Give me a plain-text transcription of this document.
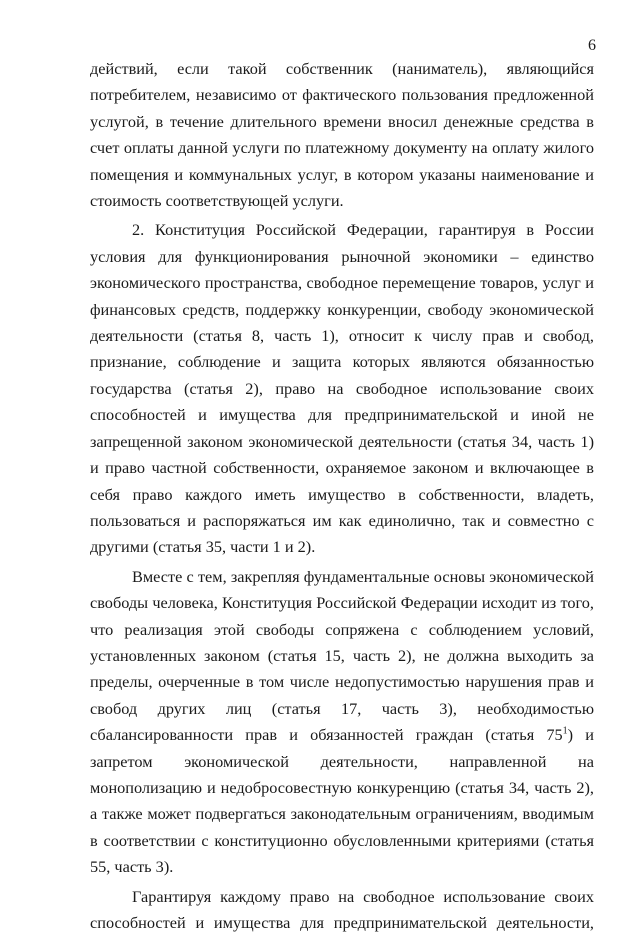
6

действий, если такой собственник (наниматель), являющийся потребителем, независимо от фактического пользования предложенной услугой, в течение длительного времени вносил денежные средства в счет оплаты данной услуги по платежному документу на оплату жилого помещения и коммунальных услуг, в котором указаны наименование и стоимость соответствующей услуги.

2. Конституция Российской Федерации, гарантируя в России условия для функционирования рыночной экономики – единство экономического пространства, свободное перемещение товаров, услуг и финансовых средств, поддержку конкуренции, свободу экономической деятельности (статья 8, часть 1), относит к числу прав и свобод, признание, соблюдение и защита которых являются обязанностью государства (статья 2), право на свободное использование своих способностей и имущества для предпринимательской и иной не запрещенной законом экономической деятельности (статья 34, часть 1) и право частной собственности, охраняемое законом и включающее в себя право каждого иметь имущество в собственности, владеть, пользоваться и распоряжаться им как единолично, так и совместно с другими (статья 35, части 1 и 2).

Вместе с тем, закрепляя фундаментальные основы экономической свободы человека, Конституция Российской Федерации исходит из того, что реализация этой свободы сопряжена с соблюдением условий, установленных законом (статья 15, часть 2), не должна выходить за пределы, очерченные в том числе недопустимостью нарушения прав и свобод других лиц (статья 17, часть 3), необходимостью сбалансированности прав и обязанностей граждан (статья $75^1$) и запретом экономической деятельности, направленной на монополизацию и недобросовестную конкуренцию (статья 34, часть 2), а также может подвергаться законодательным ограничениям, вводимым в соответствии с конституционно обусловленными критериями (статья 55, часть 3).

Гарантируя каждому право на свободное использование своих способностей и имущества для предпринимательской деятельности,
